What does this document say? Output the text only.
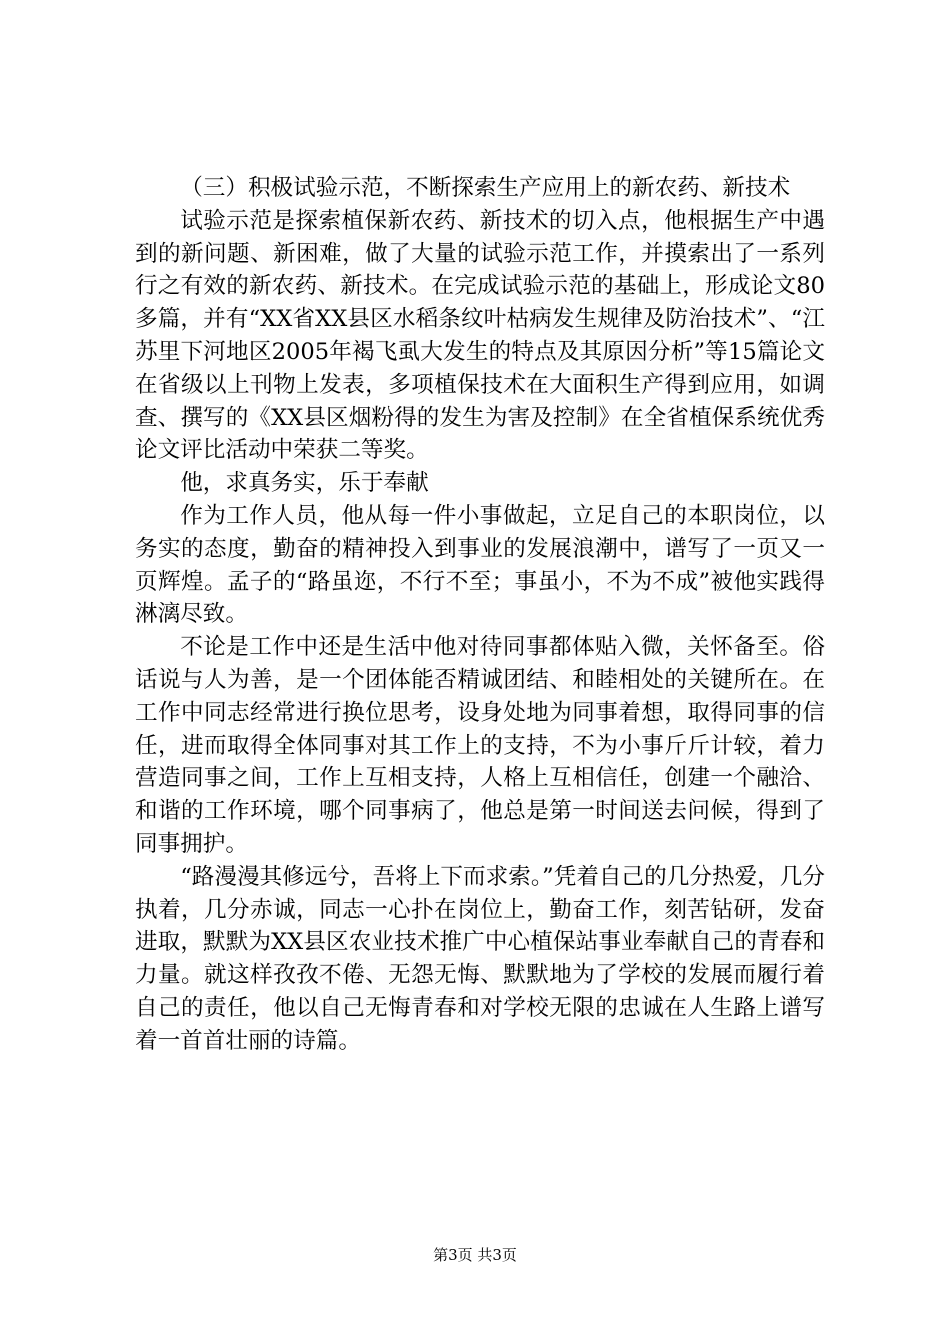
（三）积极试验示范，不断探索生产应用上的新农药、新技术

试验示范是探索植保新农药、新技术的切入点，他根据生产中遇到的新问题、新困难，做了大量的试验示范工作，并摸索出了一系列行之有效的新农药、新技术。在完成试验示范的基础上，形成论文80多篇，并有“XX省XX县区水稻条纹叶枯病发生规律及防治技术”、“江苏里下河地区2005年褐飞虱大发生的特点及其原因分析”等15篇论文在省级以上刊物上发表，多项植保技术在大面积生产得到应用，如调查、撰写的《XX县区烟粉得的发生为害及控制》在全省植保系统优秀论文评比活动中荣获二等奖。

他，求真务实，乐于奉献

作为工作人员，他从每一件小事做起，立足自己的本职岗位，以务实的态度，勤奋的精神投入到事业的发展浪潮中，谱写了一页又一页辉煌。孟子的“路虽迩，不行不至；事虽小，不为不成”被他实践得淋漓尽致。

不论是工作中还是生活中他对待同事都体贴入微，关怀备至。俗话说与人为善，是一个团体能否精诚团结、和睦相处的关键所在。在工作中同志经常进行换位思考，设身处地为同事着想，取得同事的信任，进而取得全体同事对其工作上的支持，不为小事斤斤计较，着力营造同事之间，工作上互相支持，人格上互相信任，创建一个融洽、和谐的工作环境，哪个同事病了，他总是第一时间送去问候，得到了同事拥护。

“路漫漫其修远兮，吾将上下而求索。”凭着自己的几分热爱，几分执着，几分赤诚，同志一心扑在岗位上，勤奋工作，刻苦钻研，发奋进取，默默为XX县区农业技术推广中心植保站事业奉献自己的青春和力量。就这样孜孜不倦、无怨无悔、默默地为了学校的发展而履行着自己的责任，他以自己无悔青春和对学校无限的忠诚在人生路上谱写着一首首壮丽的诗篇。

第3页 共3页
